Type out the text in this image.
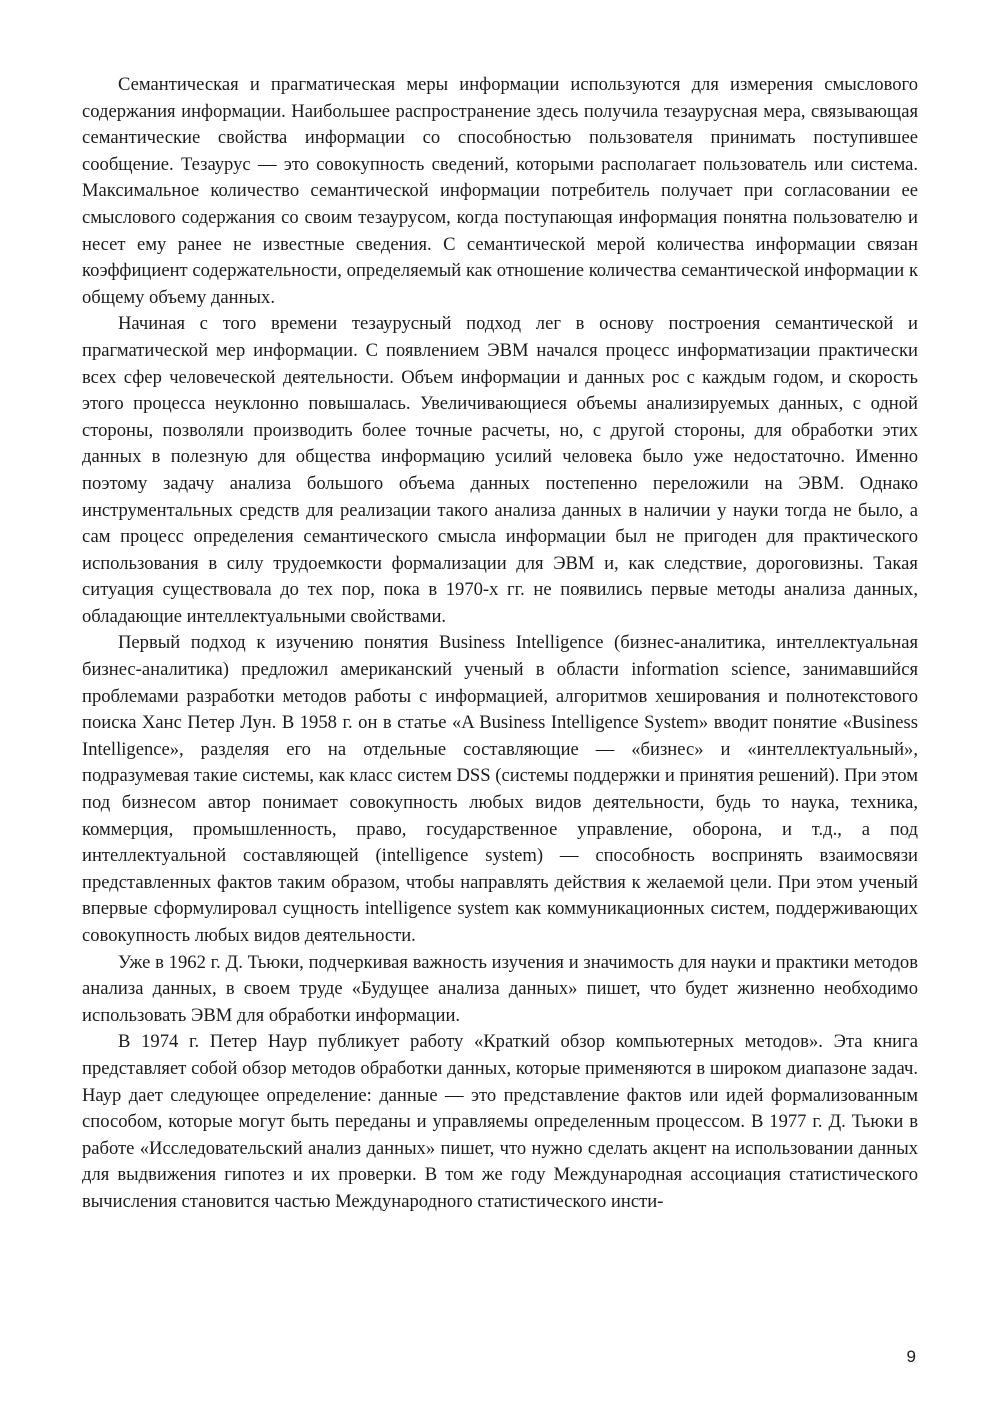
Семантическая и прагматическая меры информации используются для измерения смыслового содержания информации. Наибольшее распространение здесь получила тезаурусная мера, связывающая семантические свойства информации со способностью пользователя принимать поступившее сообщение. Тезаурус — это совокупность сведений, которыми располагает пользователь или система. Максимальное количество семантической информации потребитель получает при согласовании ее смыслового содержания со своим тезаурусом, когда поступающая информация понятна пользователю и несет ему ранее не известные сведения. С семантической мерой количества информации связан коэффициент содержательности, определяемый как отношение количества семантической информации к общему объему данных.

Начиная с того времени тезаурусный подход лег в основу построения семантической и прагматической мер информации. С появлением ЭВМ начался процесс информатизации практически всех сфер человеческой деятельности. Объем информации и данных рос с каждым годом, и скорость этого процесса неуклонно повышалась. Увеличивающиеся объемы анализируемых данных, с одной стороны, позволяли производить более точные расчеты, но, с другой стороны, для обработки этих данных в полезную для общества информацию усилий человека было уже недостаточно. Именно поэтому задачу анализа большого объема данных постепенно переложили на ЭВМ. Однако инструментальных средств для реализации такого анализа данных в наличии у науки тогда не было, а сам процесс определения семантического смысла информации был не пригоден для практического использования в силу трудоемкости формализации для ЭВМ и, как следствие, дороговизны. Такая ситуация существовала до тех пор, пока в 1970-х гг. не появились первые методы анализа данных, обладающие интеллектуальными свойствами.

Первый подход к изучению понятия Business Intelligence (бизнес-аналитика, интеллектуальная бизнес-аналитика) предложил американский ученый в области information science, занимавшийся проблемами разработки методов работы с информацией, алгоритмов хеширования и полнотекстового поиска Ханс Петер Лун. В 1958 г. он в статье «A Business Intelligence System» вводит понятие «Business Intelligence», разделяя его на отдельные составляющие — «бизнес» и «интеллектуальный», подразумевая такие системы, как класс систем DSS (системы поддержки и принятия решений). При этом под бизнесом автор понимает совокупность любых видов деятельности, будь то наука, техника, коммерция, промышленность, право, государственное управление, оборона, и т.д., а под интеллектуальной составляющей (intelligence system) — способность воспринять взаимосвязи представленных фактов таким образом, чтобы направлять действия к желаемой цели. При этом ученый впервые сформулировал сущность intelligence system как коммуникационных систем, поддерживающих совокупность любых видов деятельности.

Уже в 1962 г. Д. Тьюки, подчеркивая важность изучения и значимость для науки и практики методов анализа данных, в своем труде «Будущее анализа данных» пишет, что будет жизненно необходимо использовать ЭВМ для обработки информации.

В 1974 г. Петер Наур публикует работу «Краткий обзор компьютерных методов». Эта книга представляет собой обзор методов обработки данных, которые применяются в широком диапазоне задач. Наур дает следующее определение: данные — это представление фактов или идей формализованным способом, которые могут быть переданы и управляемы определенным процессом. В 1977 г. Д. Тьюки в работе «Исследовательский анализ данных» пишет, что нужно сделать акцент на использовании данных для выдвижения гипотез и их проверки. В том же году Международная ассоциация статистического вычисления становится частью Международного статистического инсти-

9
